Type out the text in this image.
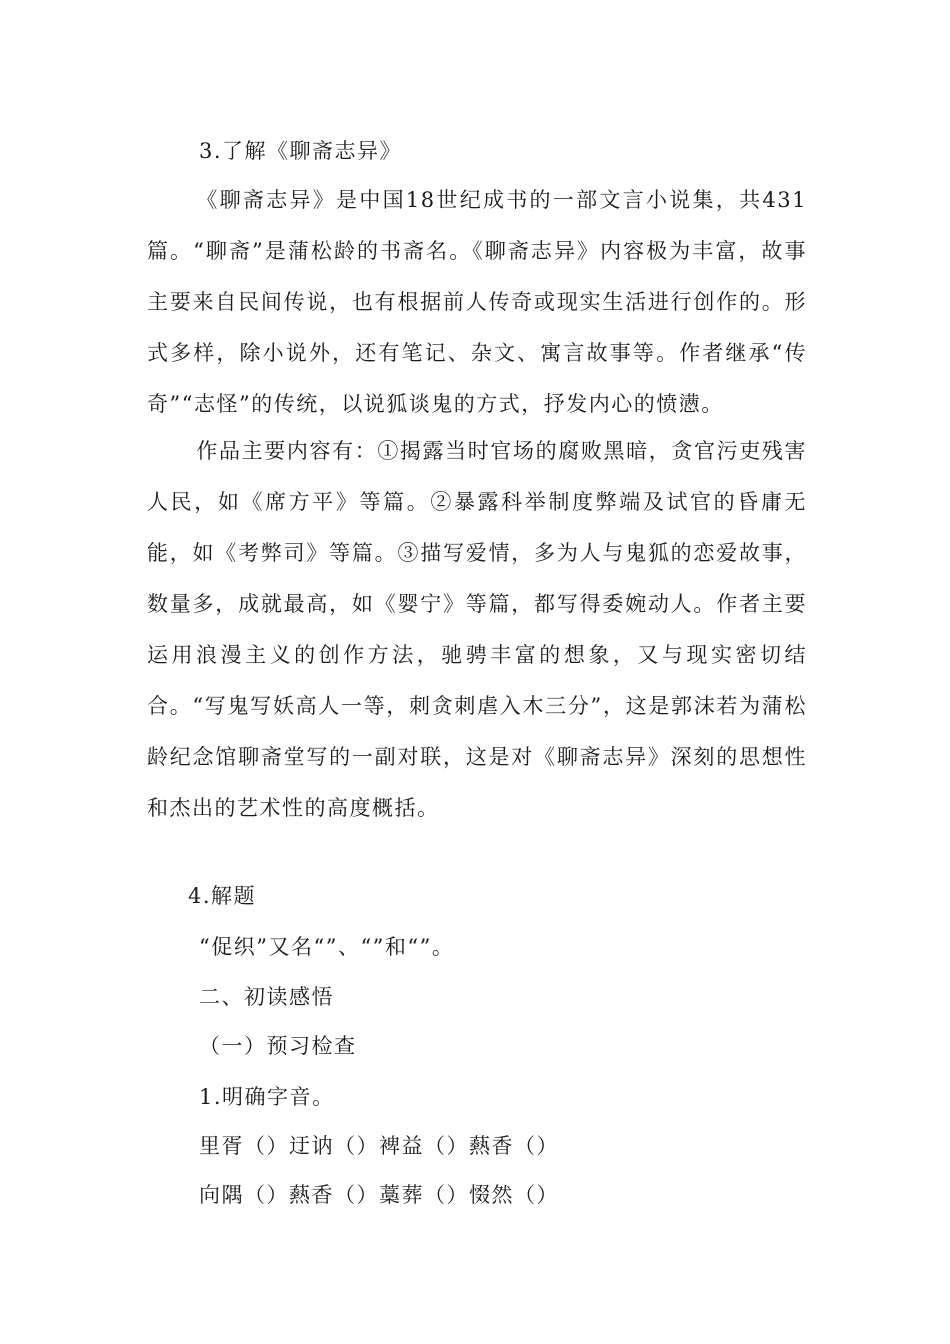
3.了解《聊斋志异》

《聊斋志异》是中国18世纪成书的一部文言小说集，共431篇。“聊斋”是蒲松龄的书斋名。《聊斋志异》内容极为丰富，故事主要来自民间传说，也有根据前人传奇或现实生活进行创作的。形式多样，除小说外，还有笔记、杂文、寓言故事等。作者继承“传奇”“志怪”的传统，以说狐谈鬼的方式，抒发内心的愤懑。

作品主要内容有：①揭露当时官场的腐败黑暗，贪官污吏残害人民，如《席方平》等篇。②暴露科举制度弊端及试官的昏庸无能，如《考弊司》等篇。③描写爱情，多为人与鬼狐的恋爱故事，数量多，成就最高，如《婴宁》等篇，都写得委婉动人。作者主要运用浪漫主义的创作方法，驰骋丰富的想象，又与现实密切结合。“写鬼写妖高人一等，刺贪刺虐入木三分”，这是郭沫若为蒲松龄纪念馆聊斋堂写的一副对联，这是对《聊斋志异》深刻的思想性和杰出的艺术性的高度概括。

4.解题

“促织”又名“”、“”和“”。

二、初读感悟

（一）预习检查

1.明确字音。

里胥（）迂讷（）裨益（）爇香（）

向隅（）爇香（）藁葬（）惙然（）
